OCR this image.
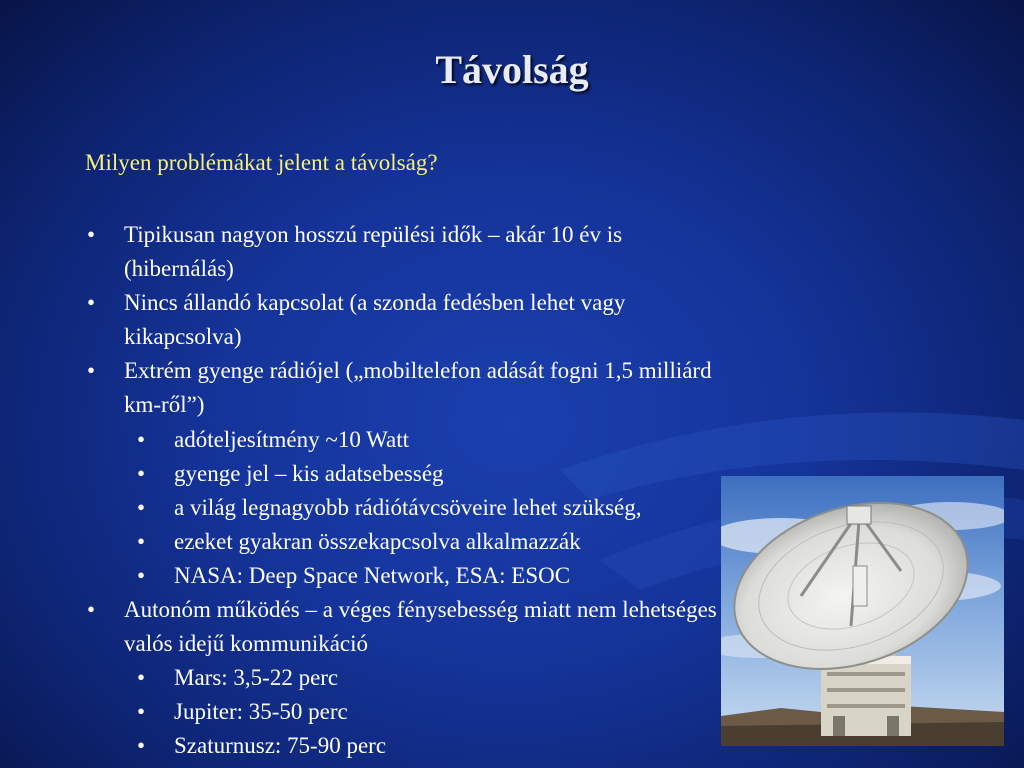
Távolság
Milyen problémákat jelent a távolság?
• Tipikusan nagyon hosszú repülési idők – akár 10 év is (hibernálás)
• Nincs állandó kapcsolat (a szonda fedésben lehet vagy kikapcsolva)
• Extrém gyenge rádiójel („mobiltelefon adását fogni 1,5 milliárd km-ről”)
• adóteljesítmény ~10 Watt
• gyenge jel – kis adatsebesség
• a világ legnagyobb rádiótávcsöveire lehet szükség,
• ezeket gyakran összekapcsolva alkalmazzák
• NASA: Deep Space Network, ESA: ESOC
• Autonóm működés – a véges fénysebesség miatt nem lehetséges valós idejű kommunikáció
• Mars: 3,5-22 perc
• Jupiter: 35-50 perc
• Szaturnusz: 75-90 perc
